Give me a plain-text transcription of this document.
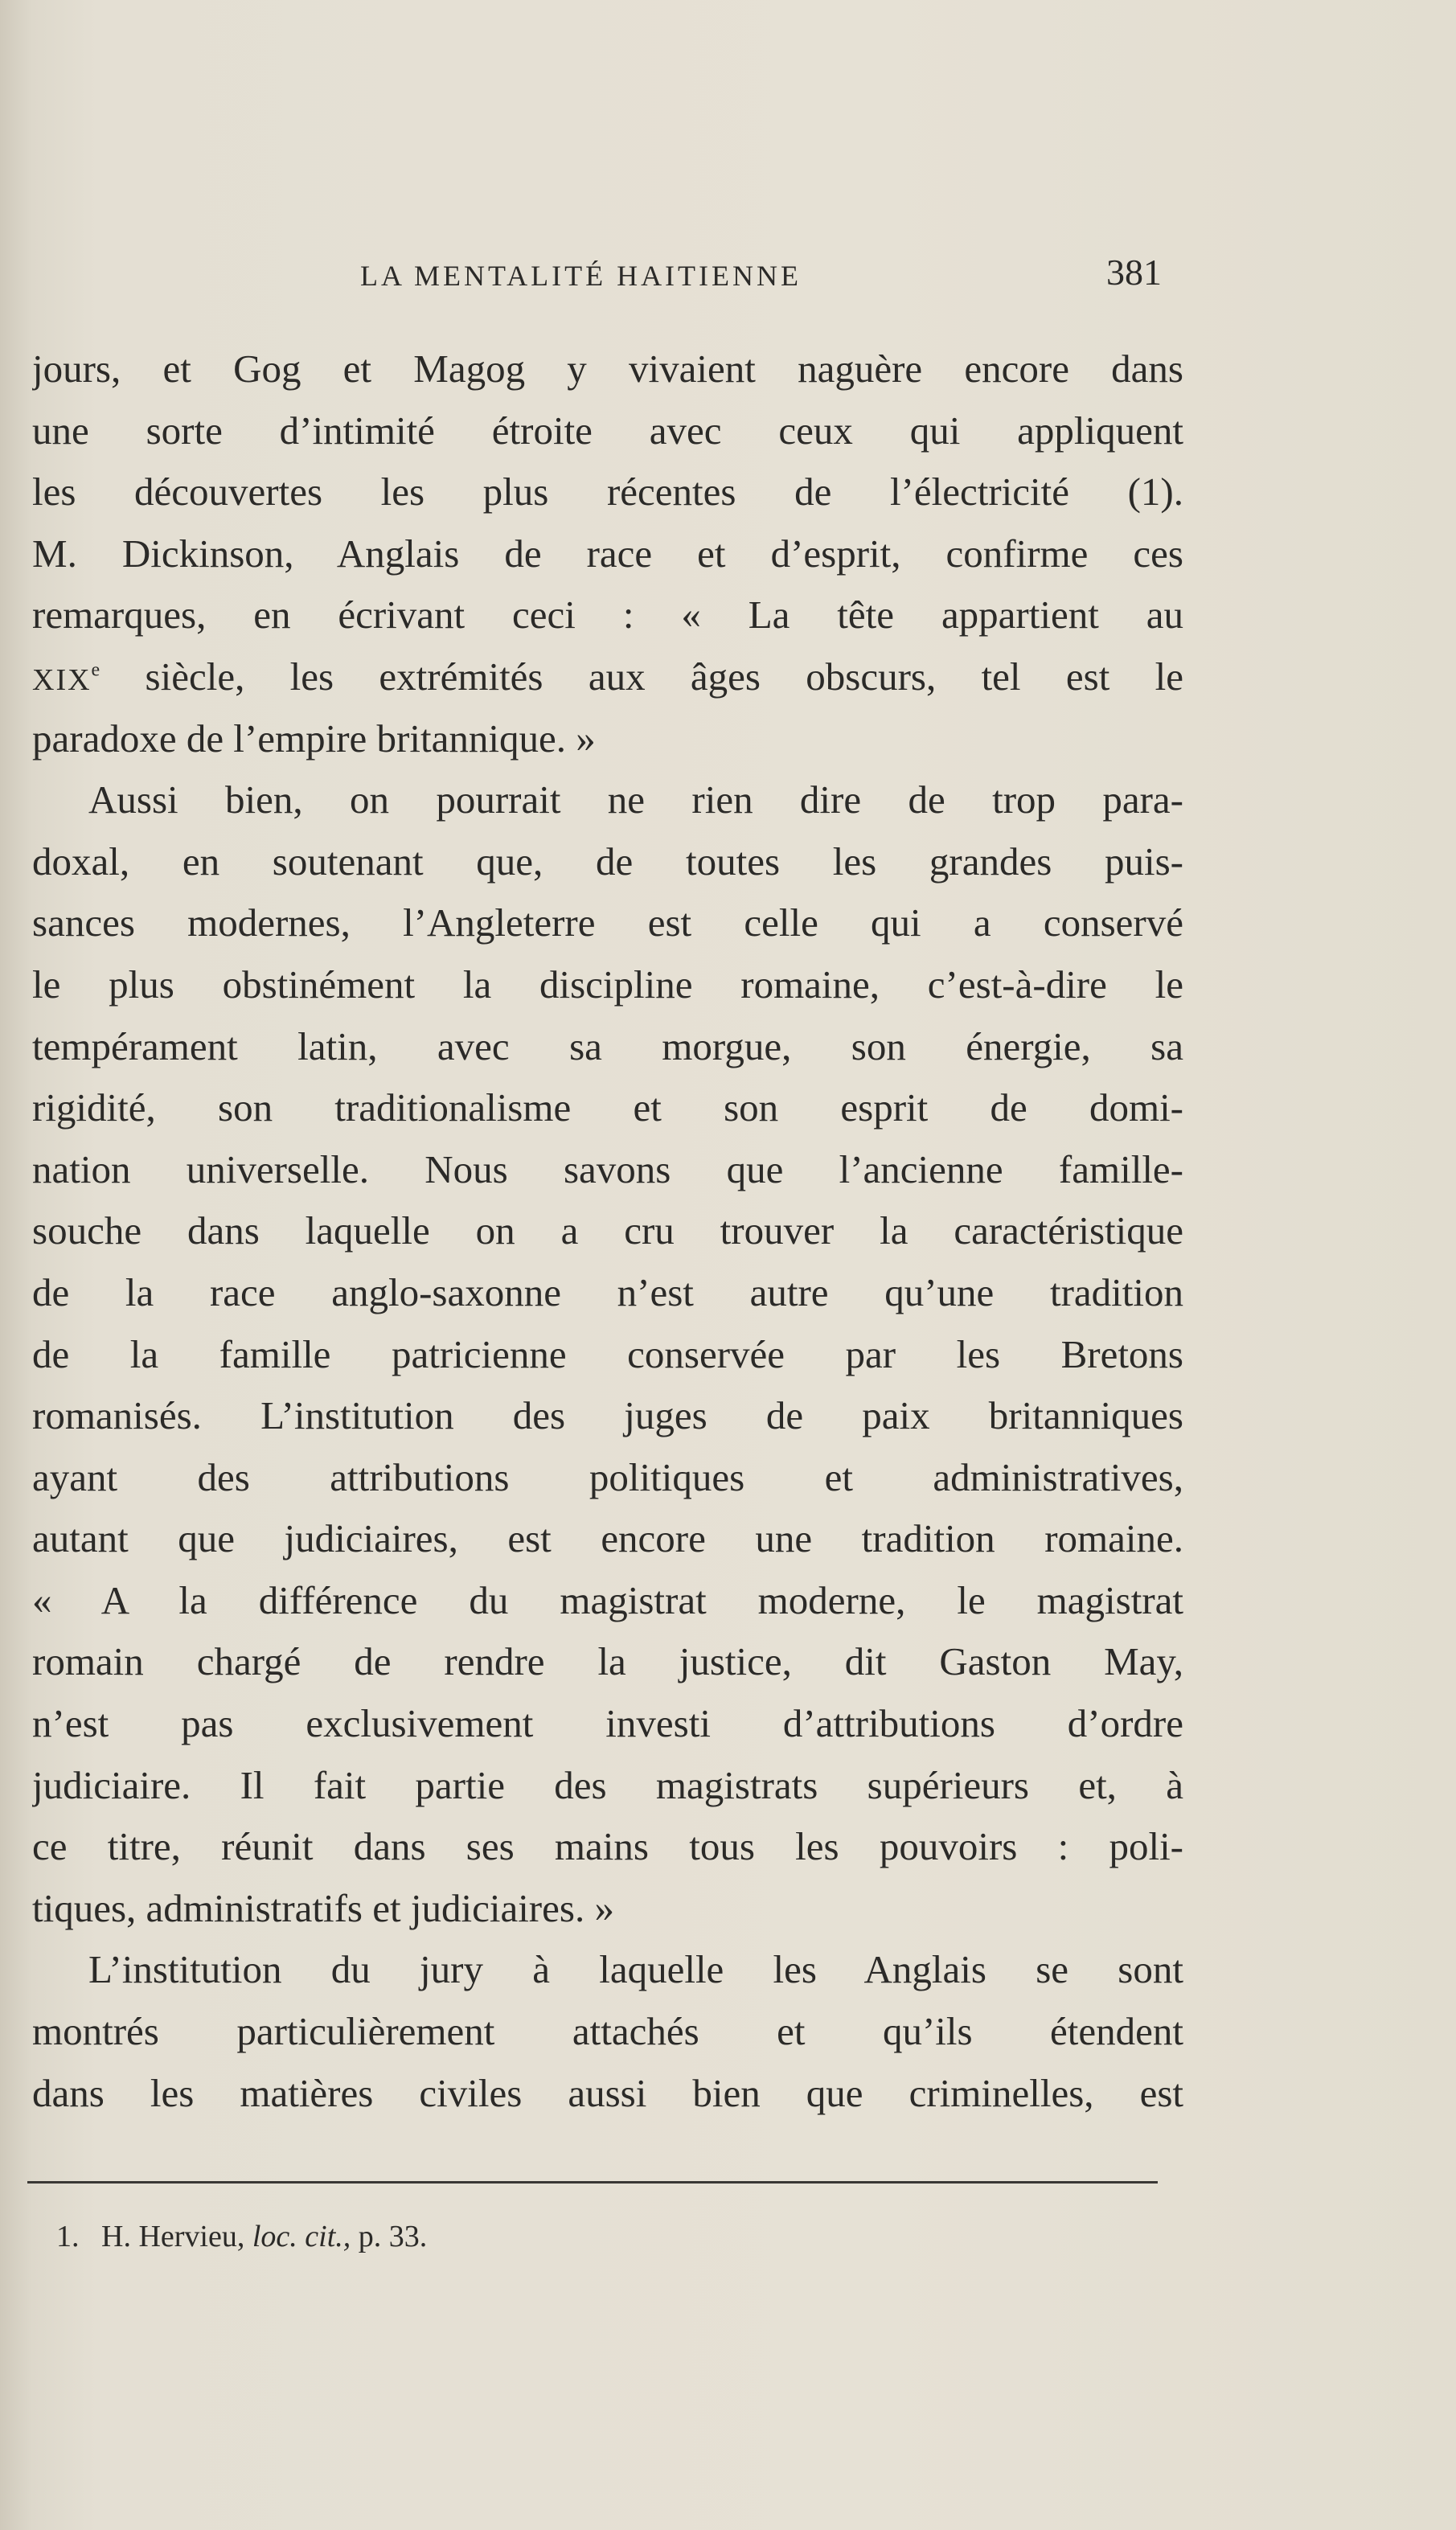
LA MENTALITÉ HAITIENNE	381
jours, et Gog et Magog y vivaient naguère encore dans
une sorte d’intimité étroite avec ceux qui appliquent
les découvertes les plus récentes de l’électricité (1).
M. Dickinson, Anglais de race et d’esprit, confirme ces
remarques, en écrivant ceci : « La tête appartient au
XIXe siècle, les extrémités aux âges obscurs, tel est le
paradoxe de l’empire britannique. »
Aussi bien, on pourrait ne rien dire de trop para-
doxal, en soutenant que, de toutes les grandes puis-
sances modernes, l’Angleterre est celle qui a conservé
le plus obstinément la discipline romaine, c’est-à-dire le
tempérament latin, avec sa morgue, son énergie, sa
rigidité, son traditionalisme et son esprit de domi-
nation universelle. Nous savons que l’ancienne famille-
souche dans laquelle on a cru trouver la caractéristique
de la race anglo-saxonne n’est autre qu’une tradition
de la famille patricienne conservée par les Bretons
romanisés. L’institution des juges de paix britanniques
ayant des attributions politiques et administratives,
autant que judiciaires, est encore une tradition romaine.
« A la différence du magistrat moderne, le magistrat
romain chargé de rendre la justice, dit Gaston May,
n’est pas exclusivement investi d’attributions d’ordre
judiciaire. Il fait partie des magistrats supérieurs et, à
ce titre, réunit dans ses mains tous les pouvoirs : poli-
tiques, administratifs et judiciaires. »
L’institution du jury à laquelle les Anglais se sont
montrés particulièrement attachés et qu’ils étendent
dans les matières civiles aussi bien que criminelles, est
1. H. Hervieu, loc. cit., p. 33.
